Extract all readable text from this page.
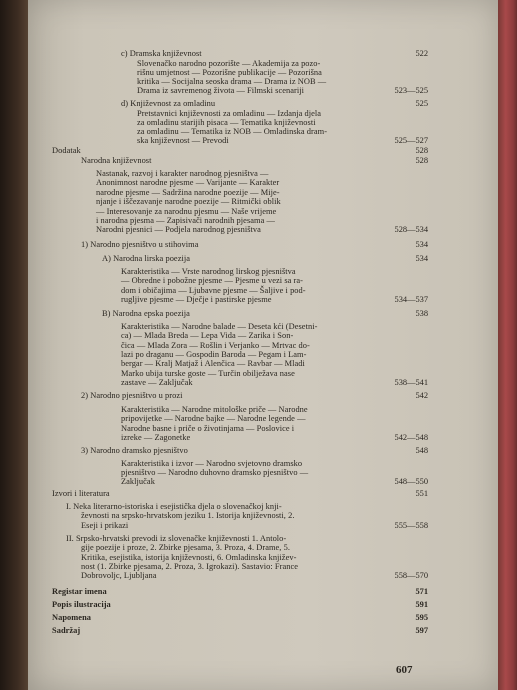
c) Dramska književnost	522
Slovenačko narodno pozorište — Akademija za pozo-
rišnu umjetnost — Pozorišne publikacije — Pozorišna
kritika — Socijalna seoska drama — Drama iz NOB —
Drama iz savremenog života — Filmski scenariji	523—525
d) Književnost za omladinu	525
Pretstavnici književnosti za omladinu — Izdanja djela
za omladinu starijih pisaca — Tematika književnosti
za omladinu — Tematika iz NOB — Omladinska dram-
ska književnost — Prevodi	525—527
Dodatak	528
Narodna književnost	528
Nastanak, razvoj i karakter narodnog pjesništva —
Anonimnost narodne pjesme — Varijante — Karakter
narodne pjesme — Sadržina narodne poezije — Mije-
njanje i iščezavanje narodne poezije — Ritmički oblik
— Interesovanje za narodnu pjesmu — Naše vrijeme
i narodna pjesma — Zapisivači narodnih pjesama —
Narodni pjesnici — Podjela narodnog pjesništva	528—534
1) Narodno pjesništvo u stihovima	534
A) Narodna lirska poezija	534
Karakteristika — Vrste narodnog lirskog pjesništva
— Obredne i pobožne pjesme — Pjesme u vezi sa ra-
dom i običajima — Ljubavne pjesme — Šaljive i pod-
rugljive pjesme — Dječje i pastirske pjesme	534—537
B) Narodna epska poezija	538
Karakteristika — Narodne balade — Deseta kći (Desetni-
ca) — Mlada Breda — Lepa Vida — Zarika i Son-
čica — Mlada Zora — Rošlin i Verjanko — Mrtvac do-
lazi po draganu — Gospodin Baroda — Pegam i Lam-
bergar — Kralj Matjaž i Alenčica — Ravbar — Mladi
Marko ubija turske goste — Turčin obilježava nase
zastave — Zaključak	538—541
2) Narodno pjesništvo u prozi	542
Karakteristika — Narodne mitološke priče — Narodne
pripovijetke — Narodne bajke — Narodne legende —
Narodne basne i priče o životinjama — Poslovice i
izreke — Zagonetke	542—548
3) Narodno dramsko pjesništvo	548
Karakteristika i izvor — Narodno svjetovno dramsko
pjesništvo — Narodno duhovno dramsko pjesništvo —
Zaključak	548—550
Izvori i literatura	551
I. Neka literarno-istoriska i esejistička djela o slovenačkoj knji-
ževnosti na srpsko-hrvatskom jeziku 1. Istorija književnosti, 2.
Eseji i prikazi	555—558
II. Srpsko-hrvatski prevodi iz slovenačke književnosti 1. Antolo-
gije poezije i proze, 2. Zbirke pjesama, 3. Proza, 4. Drame, 5.
Kritika, esejistika, istorija književnosti, 6. Omladinska književ-
nost (1. Zbirke pjesama, 2. Proza, 3. Igrokazi). Sastavio: France
Dobrovoljc, Ljubljana	558—570
Registar imena	571
Popis ilustracija	591
Napomena	595
Sadržaj	597
607
